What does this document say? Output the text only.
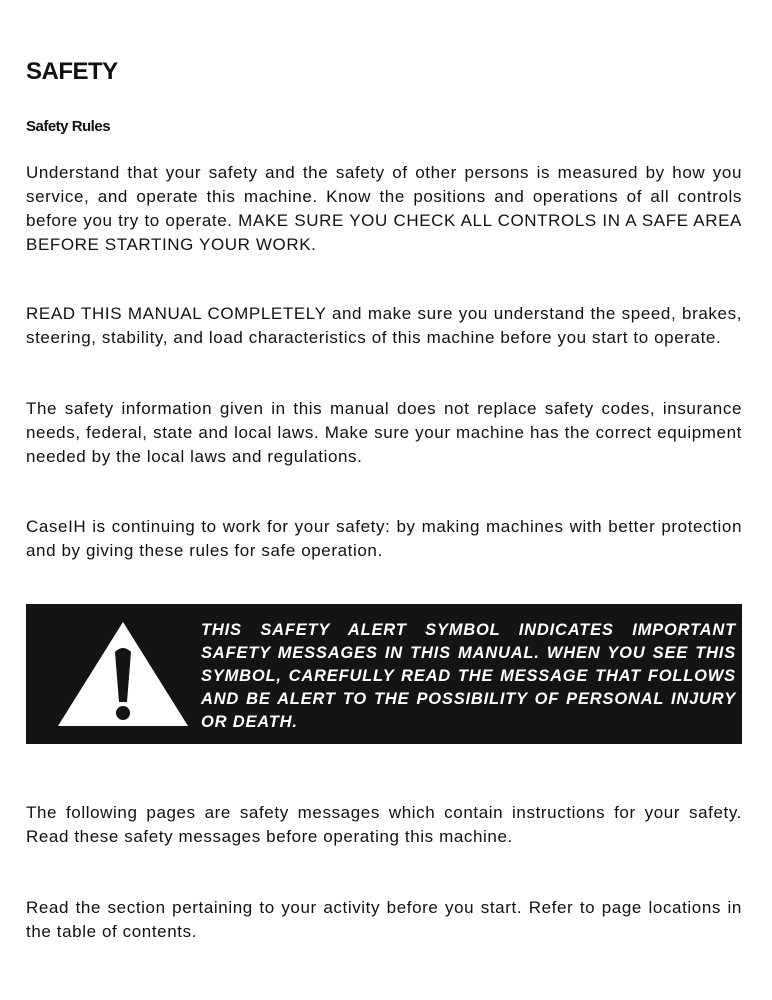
SAFETY
Safety Rules

Understand that your safety and the safety of other persons is measured by how you service, and operate this machine. Know the positions and operations of all controls before you try to operate. MAKE SURE YOU CHECK ALL CONTROLS IN A SAFE AREA BEFORE STARTING YOUR WORK.

READ THIS MANUAL COMPLETELY and make sure you understand the speed, brakes, steering, stability, and load characteristics of this machine before you start to operate.

The safety information given in this manual does not replace safety codes, insurance needs, federal, state and local laws. Make sure your machine has the correct equipment needed by the local laws and regulations.

CaseIH is continuing to work for your safety: by making machines with better protection and by giving these rules for safe operation.

THIS SAFETY ALERT SYMBOL INDICATES IMPORTANT SAFETY MESSAGES IN THIS MANUAL. WHEN YOU SEE THIS SYMBOL, CAREFULLY READ THE MESSAGE THAT FOLLOWS AND BE ALERT TO THE POSSIBILITY OF PERSONAL INJURY OR DEATH.

The following pages are safety messages which contain instructions for your safety. Read these safety messages before operating this machine.

Read the section pertaining to your activity before you start. Refer to page locations in the table of contents.
